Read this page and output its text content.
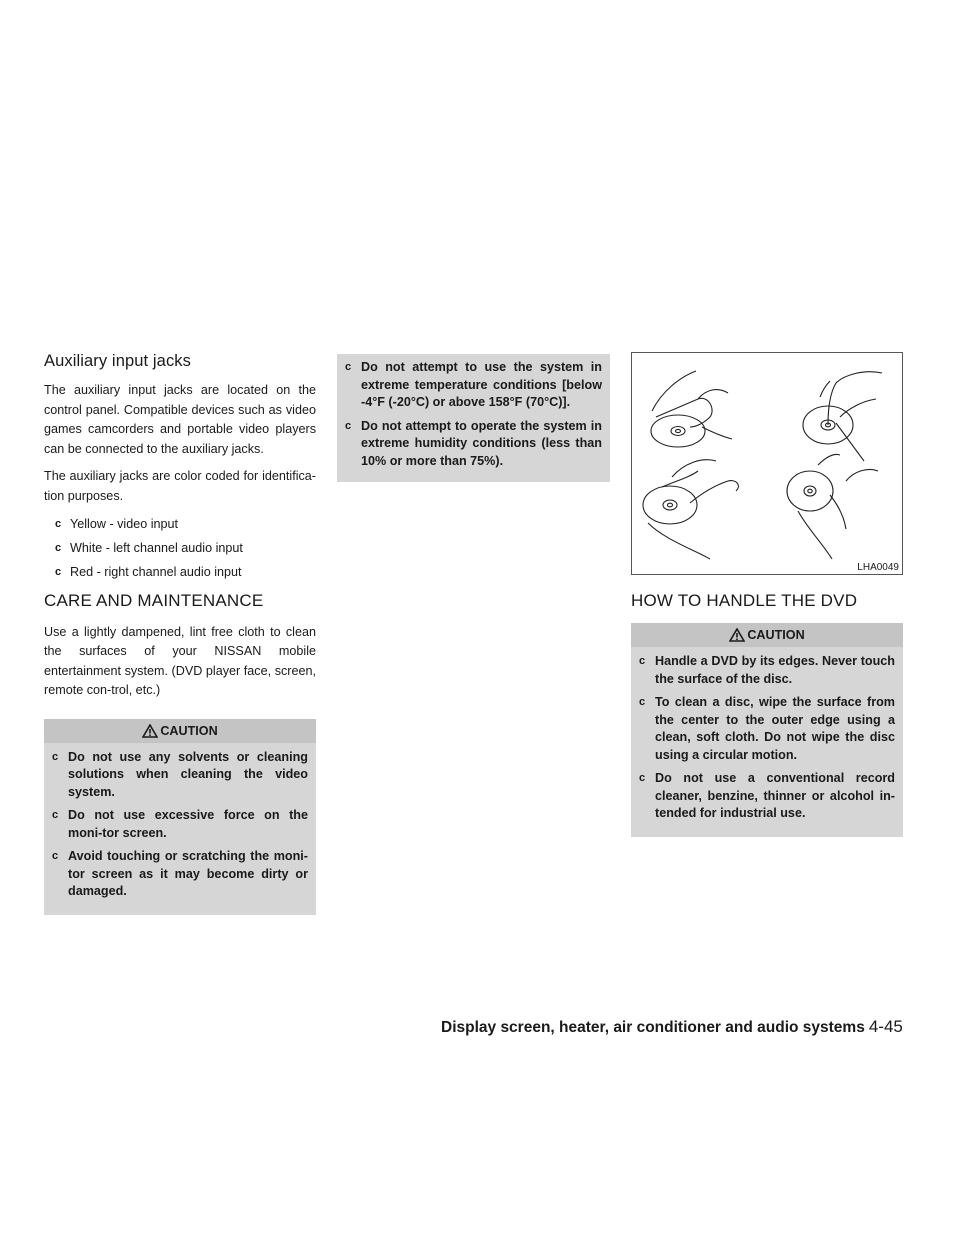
Auxiliary input jacks

The auxiliary input jacks are located on the control panel. Compatible devices such as video games camcorders and portable video players can be connected to the auxiliary jacks.

The auxiliary jacks are color coded for identifica-tion purposes.

c Yellow - video input
c White - left channel audio input
c Red - right channel audio input
CARE AND MAINTENANCE

Use a lightly dampened, lint free cloth to clean the surfaces of your NISSAN mobile entertainment system. (DVD player face, screen, remote con-trol, etc.)

CAUTION
c Do not use any solvents or cleaning solutions when cleaning the video system.
c Do not use excessive force on the moni-tor screen.
c Avoid touching or scratching the moni-tor screen as it may become dirty or damaged.
c Do not attempt to use the system in extreme temperature conditions [below -4°F (-20°C) or above 158°F (70°C)].
c Do not attempt to operate the system in extreme humidity conditions (less than 10% or more than 75%).
LHA0049
HOW TO HANDLE THE DVD
CAUTION
c Handle a DVD by its edges. Never touch the surface of the disc.
c To clean a disc, wipe the surface from the center to the outer edge using a clean, soft cloth. Do not wipe the disc using a circular motion.
c Do not use a conventional record cleaner, benzine, thinner or alcohol in-tended for industrial use.
Display screen, heater, air conditioner and audio systems 4-45
